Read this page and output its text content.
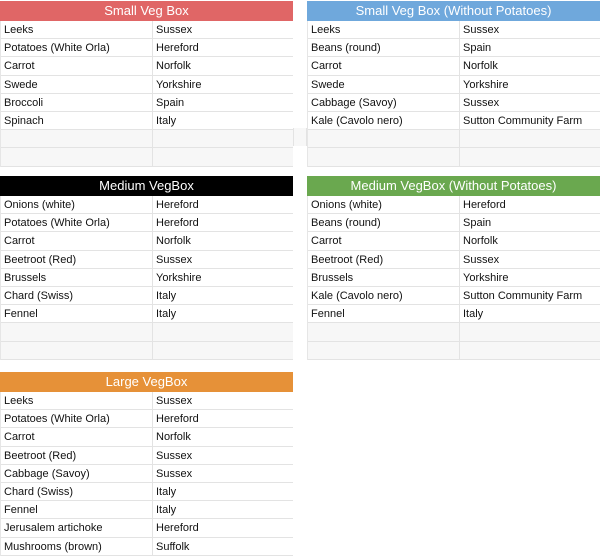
Small Veg Box
Leeks	Sussex
Potatoes (White Orla)	Hereford
Carrot	Norfolk
Swede	Yorkshire
Broccoli	Spain
Spinach	Italy
Small Veg Box (Without Potatoes)
Leeks	Sussex
Beans (round)	Spain
Carrot	Norfolk
Swede	Yorkshire
Cabbage (Savoy)	Sussex
Kale (Cavolo nero)	Sutton Community Farm
Medium VegBox
Onions (white)	Hereford
Potatoes (White Orla)	Hereford
Carrot	Norfolk
Beetroot (Red)	Sussex
Brussels	Yorkshire
Chard (Swiss)	Italy
Fennel	Italy
Medium VegBox (Without Potatoes)
Onions (white)	Hereford
Beans (round)	Spain
Carrot	Norfolk
Beetroot (Red)	Sussex
Brussels	Yorkshire
Kale (Cavolo nero)	Sutton Community Farm
Fennel	Italy
Large VegBox
Leeks	Sussex
Potatoes (White Orla)	Hereford
Carrot	Norfolk
Beetroot (Red)	Sussex
Cabbage (Savoy)	Sussex
Chard (Swiss)	Italy
Fennel	Italy
Jerusalem artichoke	Hereford
Mushrooms (brown)	Suffolk
